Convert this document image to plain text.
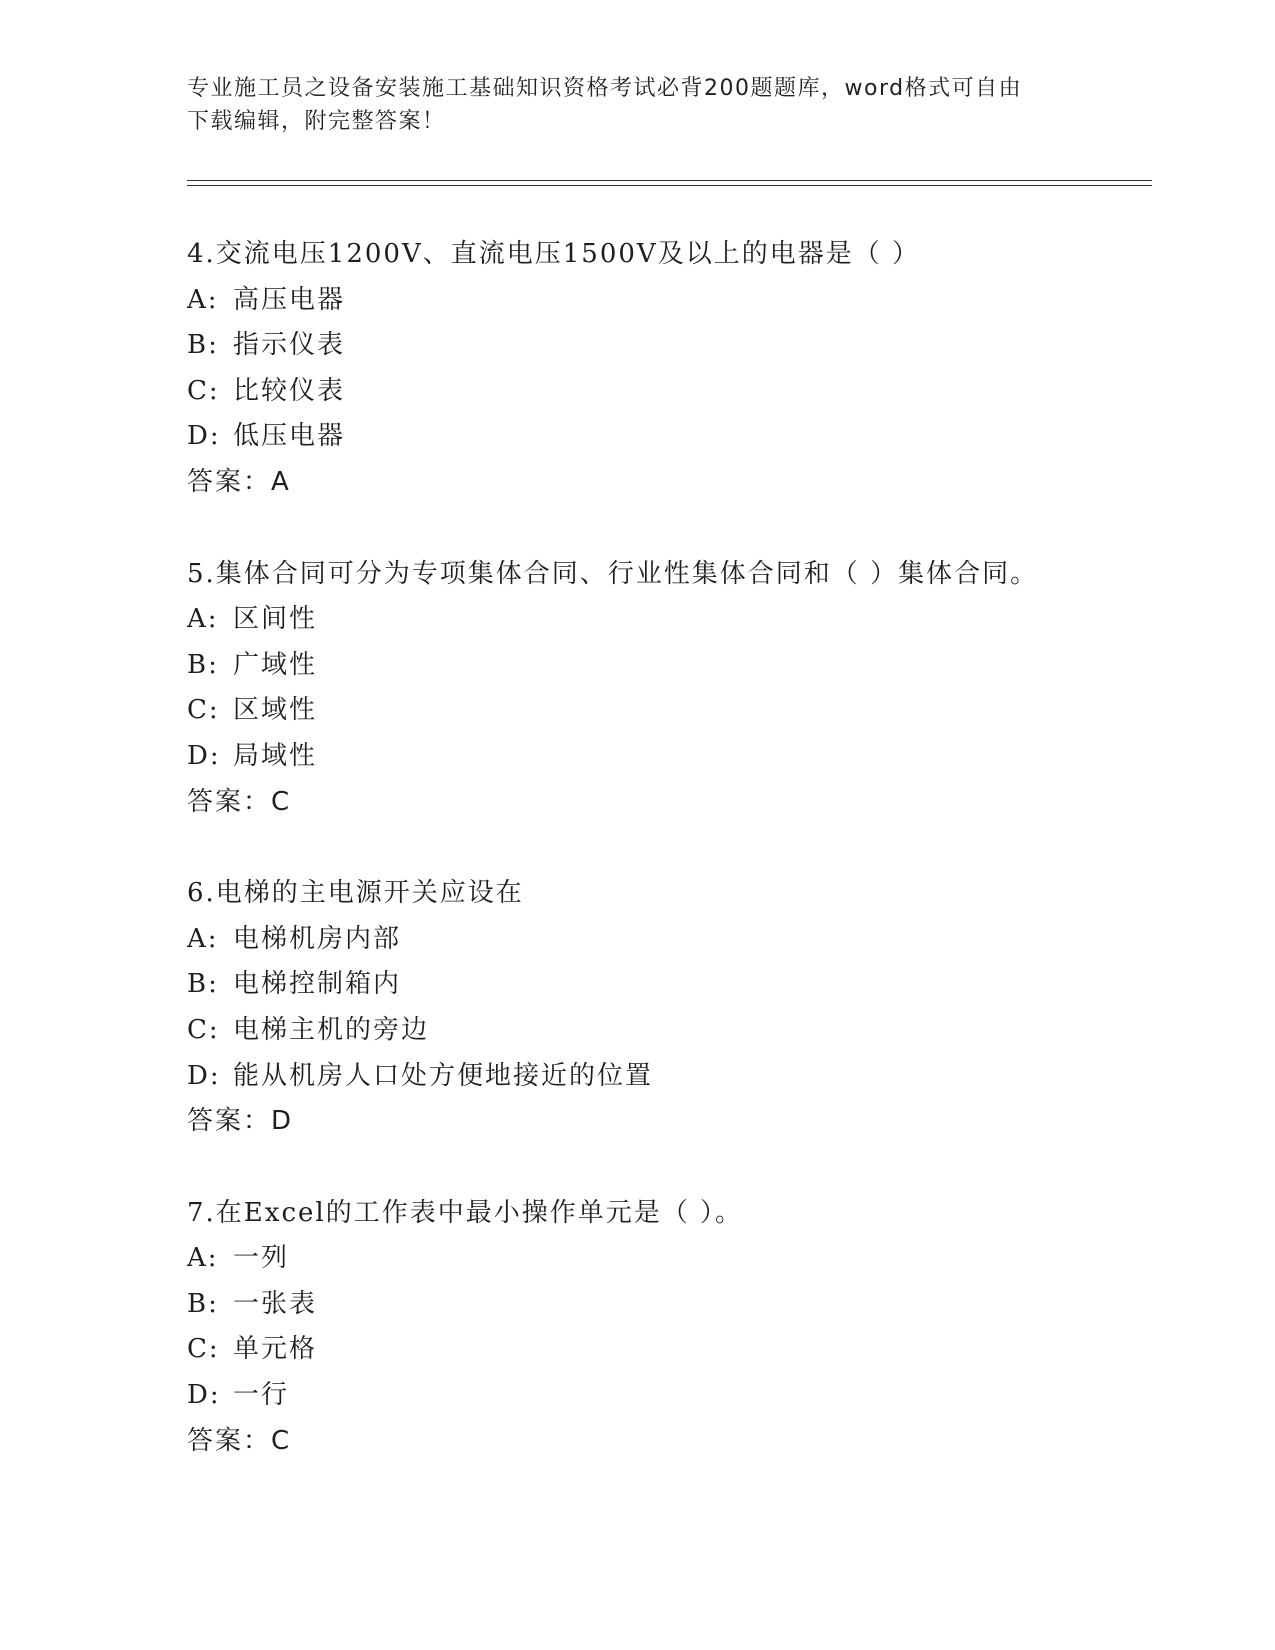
专业施工员之设备安装施工基础知识资格考试必背200题题库，word格式可自由
下载编辑，附完整答案！
4.交流电压1200V、直流电压1500V及以上的电器是（ ）
A: 高压电器
B: 指示仪表
C: 比较仪表
D: 低压电器
答案：A
5.集体合同可分为专项集体合同、行业性集体合同和（ ）集体合同。
A: 区间性
B: 广域性
C: 区域性
D: 局域性
答案：C
6.电梯的主电源开关应设在
A: 电梯机房内部
B: 电梯控制箱内
C: 电梯主机的旁边
D: 能从机房人口处方便地接近的位置
答案：D
7.在Excel的工作表中最小操作单元是（ ）。
A: 一列
B: 一张表
C: 单元格
D: 一行
答案：C
